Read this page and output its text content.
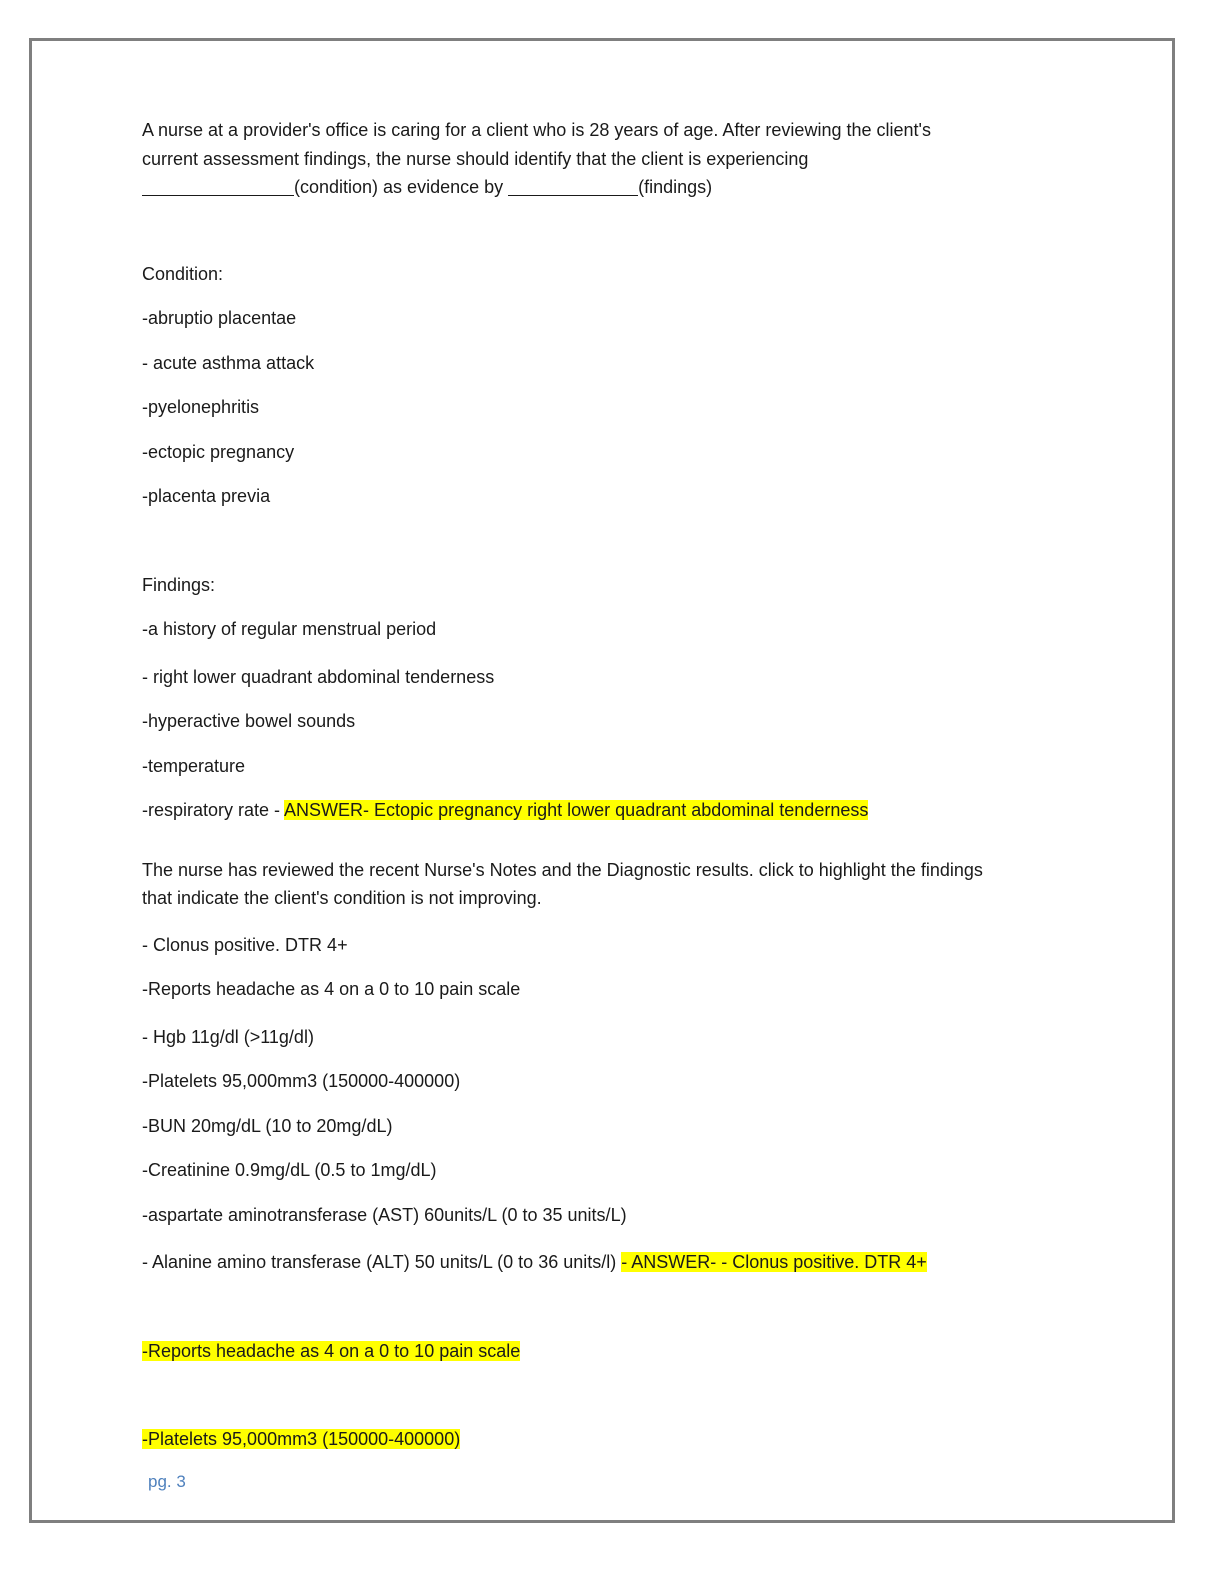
A nurse at a provider's office is caring for a client who is 28 years of age. After reviewing the client's

current assessment findings, the nurse should identify that the client is experiencing

(condition) as evidence by	(findings)

Condition:

-abruptio placentae

- acute asthma attack

-pyelonephritis

-ectopic pregnancy

-placenta previa

Findings:

-a history of regular menstrual period

- right lower quadrant abdominal tenderness

-hyperactive bowel sounds

-temperature

-respiratory rate - ANSWER- Ectopic pregnancy right lower quadrant abdominal tenderness

The nurse has reviewed the recent Nurse's Notes and the Diagnostic results. click to highlight the findings

that indicate the client's condition is not improving.

- Clonus positive. DTR 4+

-Reports headache as 4 on a 0 to 10 pain scale

- Hgb 11g/dl (>11g/dl)

-Platelets 95,000mm3 (150000-400000)

-BUN 20mg/dL (10 to 20mg/dL)

-Creatinine 0.9mg/dL (0.5 to 1mg/dL)

-aspartate aminotransferase (AST) 60units/L (0 to 35 units/L)

- Alanine amino transferase (ALT) 50 units/L (0 to 36 units/l) - ANSWER- - Clonus positive. DTR 4+

-Reports headache as 4 on a 0 to 10 pain scale

-Platelets 95,000mm3 (150000-400000)

pg. 3
